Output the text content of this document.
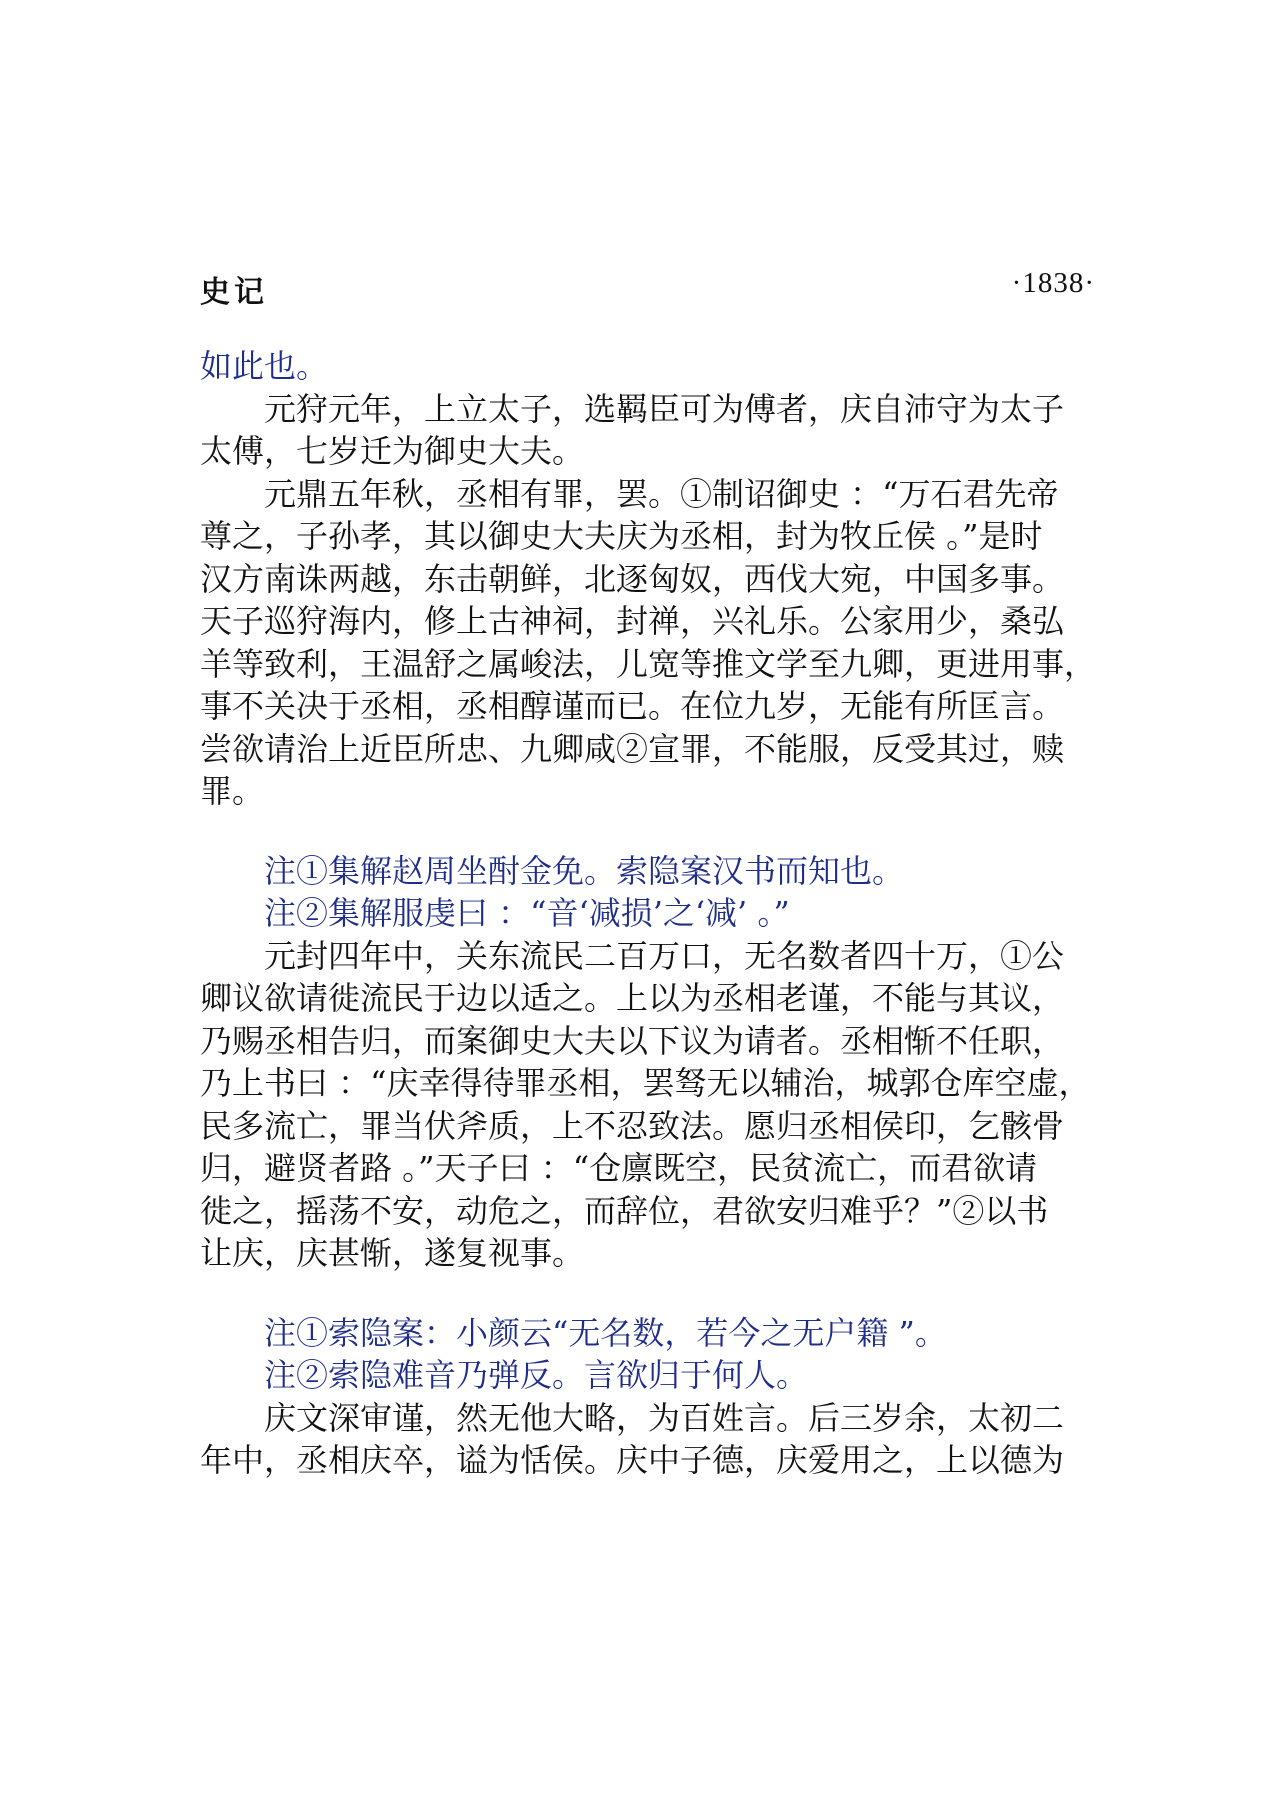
史记	·1838·
如此也。
元狩元年，上立太子，选羁臣可为傅者，庆自沛守为太子
太傅，七岁迁为御史大夫。
元鼎五年秋，丞相有罪，罢。①制诏御史 ：“万石君先帝
尊之，子孙孝，其以御史大夫庆为丞相，封为牧丘侯 。”是时
汉方南诛两越，东击朝鲜，北逐匈奴，西伐大宛，中国多事。
天子巡狩海内，修上古神祠，封禅，兴礼乐。公家用少，桑弘
羊等致利，王温舒之属峻法，儿宽等推文学至九卿，更进用事，
事不关决于丞相，丞相醇谨而已。在位九岁，无能有所匡言。
尝欲请治上近臣所忠、九卿咸②宣罪，不能服，反受其过，赎
罪。
注①集解赵周坐酎金免。索隐案汉书而知也。
注②集解服虔曰 ：“音‘减损’之‘减’ 。”
元封四年中，关东流民二百万口，无名数者四十万，①公
卿议欲请徙流民于边以适之。上以为丞相老谨，不能与其议，
乃赐丞相告归，而案御史大夫以下议为请者。丞相惭不任职，
乃上书曰 ：“庆幸得待罪丞相，罢驽无以辅治，城郭仓库空虚，
民多流亡，罪当伏斧质，上不忍致法。愿归丞相侯印，乞骸骨
归，避贤者路 。”天子曰 ：“仓廪既空，民贫流亡，而君欲请
徙之，摇荡不安，动危之，而辞位，君欲安归难乎？”②以书
让庆，庆甚惭，遂复视事。
注①索隐案：小颜云“无名数，若今之无户籍 ”。
注②索隐难音乃弹反。言欲归于何人。
庆文深审谨，然无他大略，为百姓言。后三岁余，太初二
年中，丞相庆卒，谥为恬侯。庆中子德，庆爱用之，上以德为
